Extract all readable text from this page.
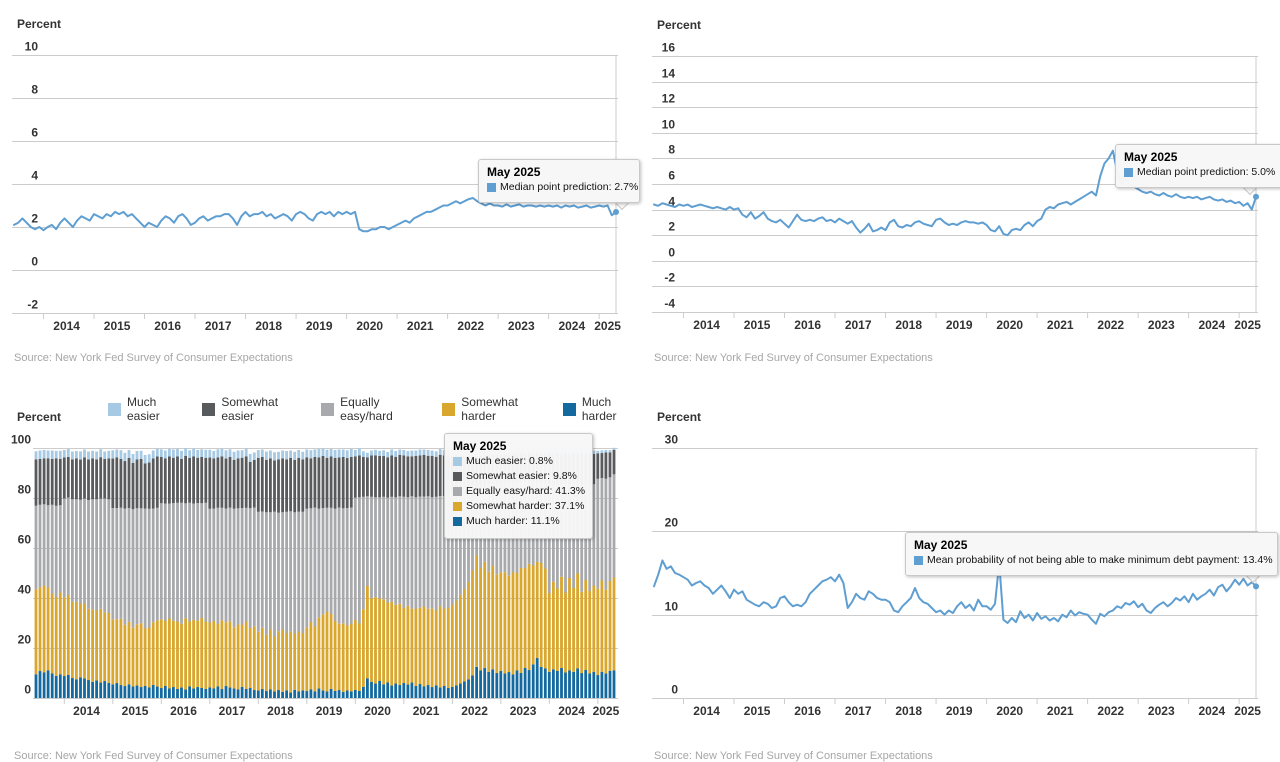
10
8
6
4
2
0
-2
2014 2015 2016 2017 2018 2019 2020 2021 2022 2023 2024 2025
Percent
Source: New York Fed Survey of Consumer Expectations
16
14
12
10
8
6
4
2
0
-2
-4
2014 2015 2016 2017 2018 2019 2020 2021 2022 2023 2024 2025
Percent
Source: New York Fed Survey of Consumer Expectations
Much easier
Somewhat easier
Equally easy/hard
Somewhat harder
Much harder
100
80
60
40
20
0
2014 2015 2016 2017 2018 2019 2020 2021 2022 2023 2024 2025
Percent
Source: New York Fed Survey of Consumer Expectations
30
20
10
0
2014 2015 2016 2017 2018 2019 2020 2021 2022 2023 2024 2025
Percent
Source: New York Fed Survey of Consumer Expectations
May 2025
Median point prediction: 2.7%
May 2025
Median point prediction: 5.0%
May 2025
Much easier: 0.8%
Somewhat easier: 9.8%
Equally easy/hard: 41.3%
Somewhat harder: 37.1%
Much harder: 11.1%
May 2025
Mean probability of not being able to make minimum debt payment: 13.4%
